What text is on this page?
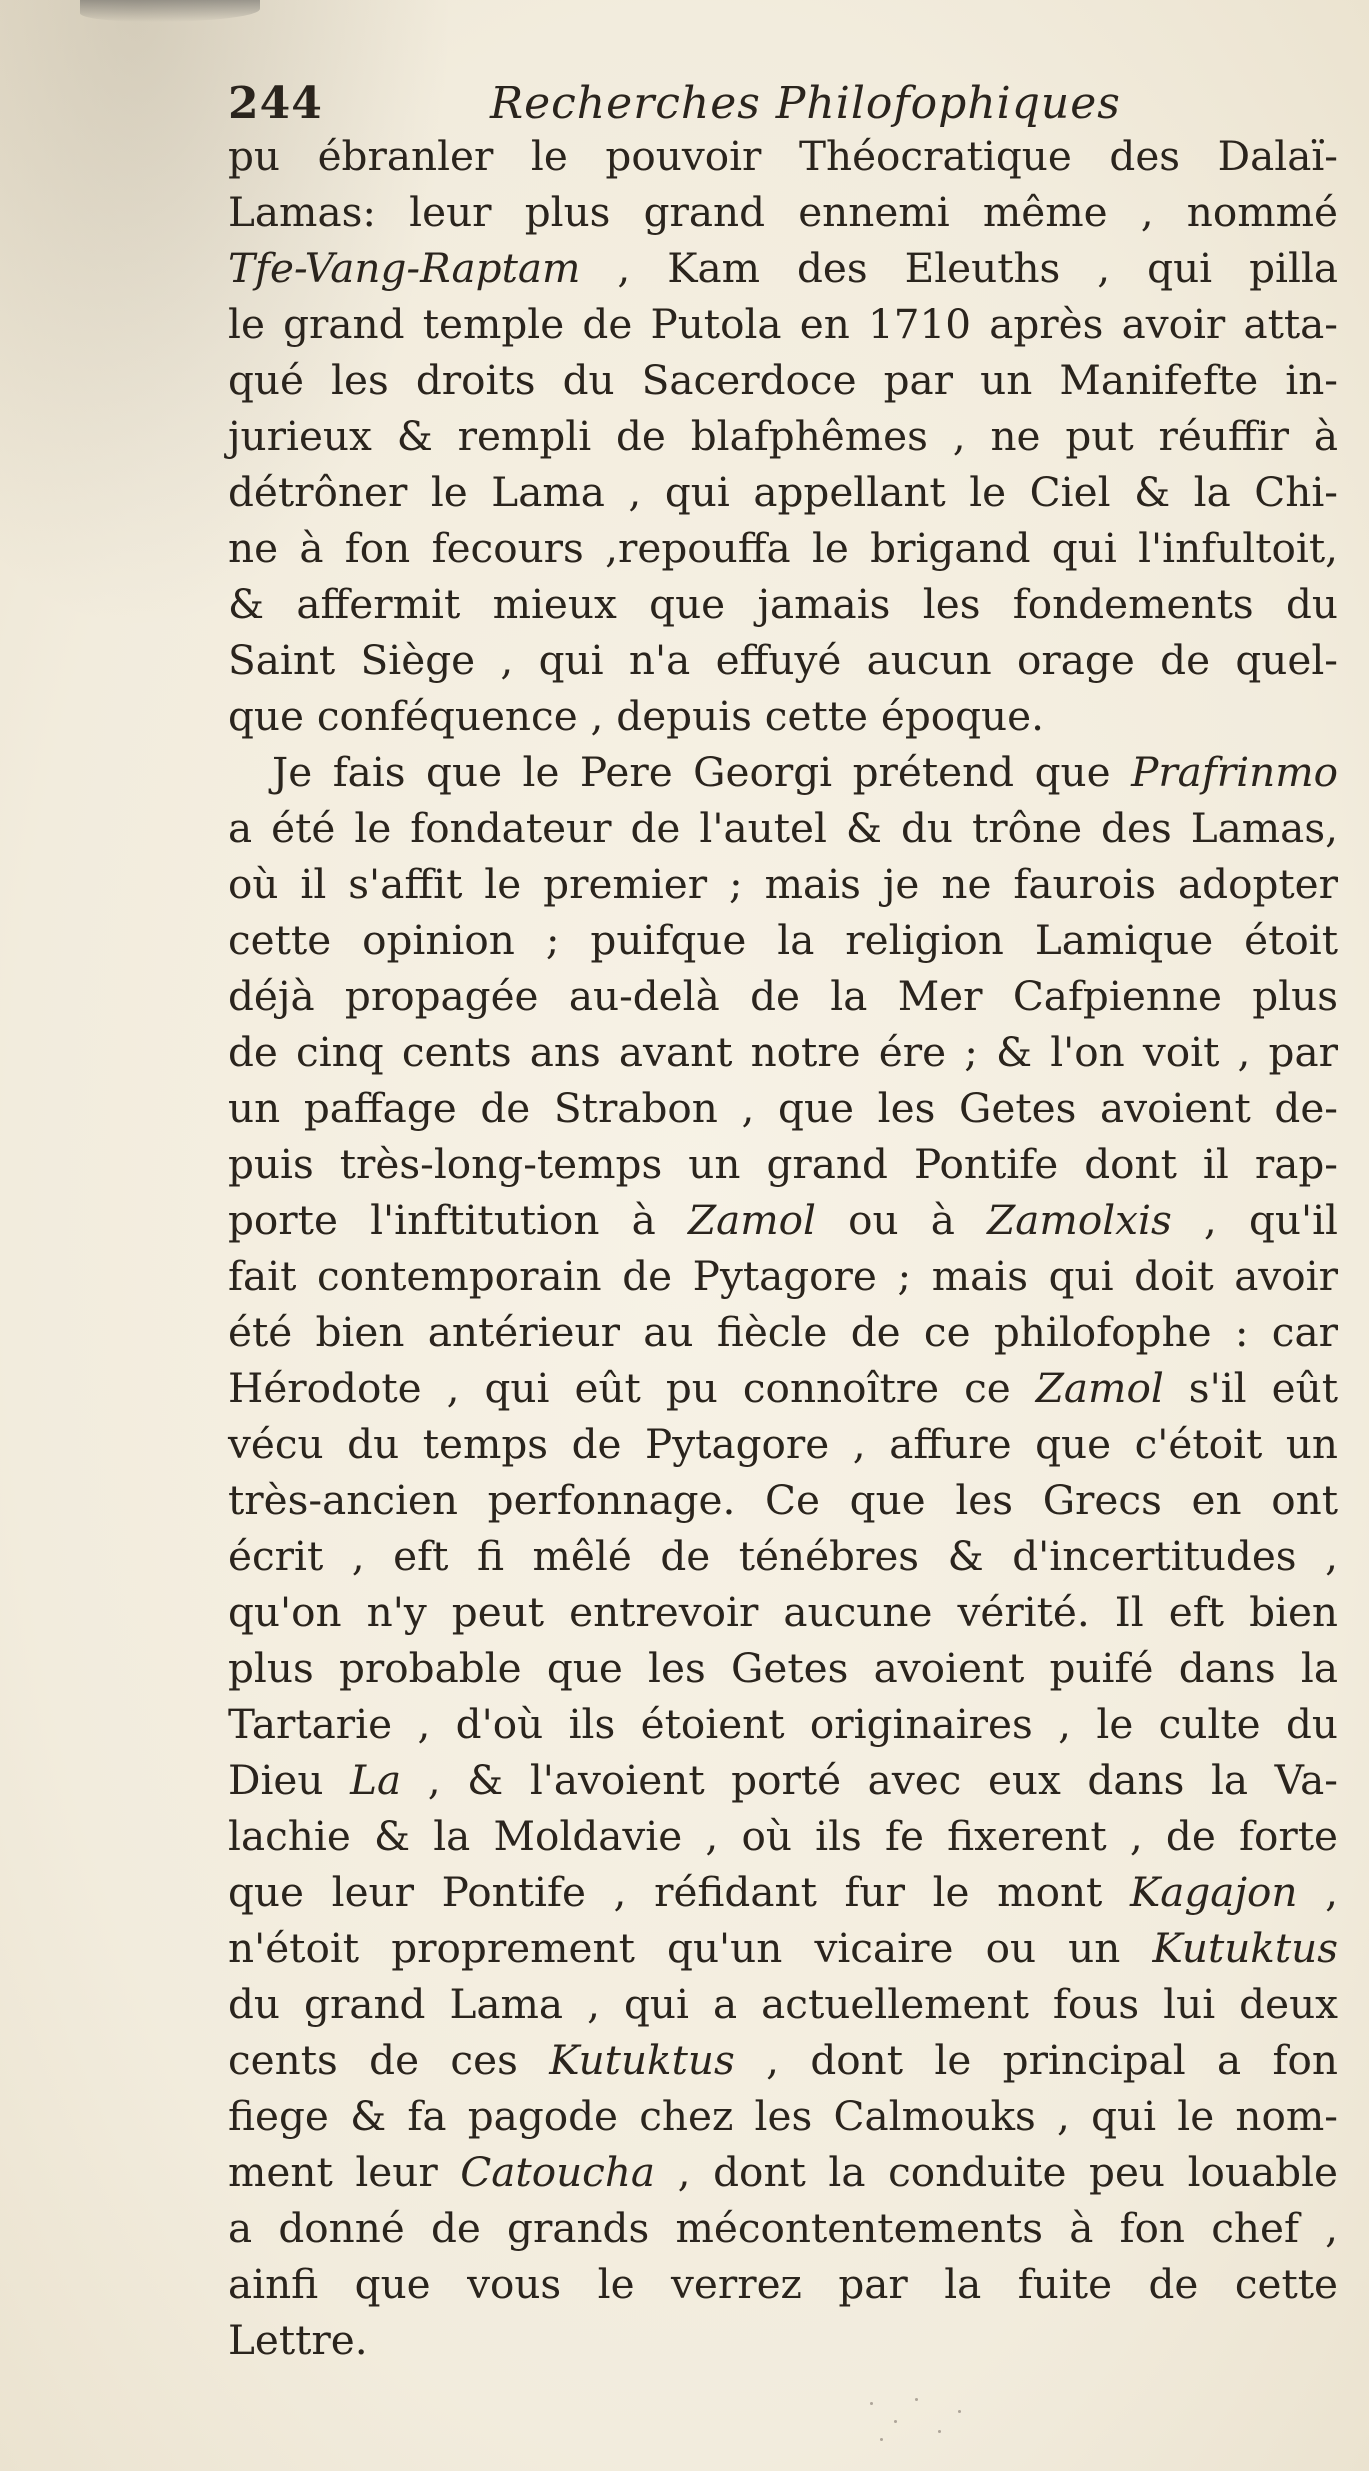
244	Recherches Philofophiques
pu ébranler le pouvoir Théocratique des Dalaï-
Lamas: leur plus grand ennemi même , nommé
Tfe-Vang-Raptam , Kam des Eleuths , qui pilla
le grand temple de Putola en 1710 après avoir atta-
qué les droits du Sacerdoce par un Manifefte in-
jurieux & rempli de blafphêmes , ne put réuffir à
détrôner le Lama , qui appellant le Ciel & la Chi-
ne à fon fecours ,repouffa le brigand qui l'infultoit,
& affermit mieux que jamais les fondements du
Saint Siège , qui n'a effuyé aucun orage de quel-
que conféquence , depuis cette époque.
Je fais que le Pere Georgi prétend que Prafrinmo
a été le fondateur de l'autel & du trône des Lamas,
où il s'affit le premier ; mais je ne faurois adopter
cette opinion ; puifque la religion Lamique étoit
déjà propagée au-delà de la Mer Cafpienne plus
de cinq cents ans avant notre ére ; & l'on voit , par
un paffage de Strabon , que les Getes avoient de-
puis très-long-temps un grand Pontife dont il rap-
porte l'inftitution à Zamol ou à Zamolxis , qu'il
fait contemporain de Pytagore ; mais qui doit avoir
été bien antérieur au fiècle de ce philofophe : car
Hérodote , qui eût pu connoître ce Zamol s'il eût
vécu du temps de Pytagore , affure que c'étoit un
très-ancien perfonnage. Ce que les Grecs en ont
écrit , eft fi mêlé de ténébres & d'incertitudes ,
qu'on n'y peut entrevoir aucune vérité. Il eft bien
plus probable que les Getes avoient puifé dans la
Tartarie , d'où ils étoient originaires , le culte du
Dieu La , & l'avoient porté avec eux dans la Va-
lachie & la Moldavie , où ils fe fixerent , de forte
que leur Pontife , réfidant fur le mont Kagajon ,
n'étoit proprement qu'un vicaire ou un Kutuktus
du grand Lama , qui a actuellement fous lui deux
cents de ces Kutuktus , dont le principal a fon
fiege & fa pagode chez les Calmouks , qui le nom-
ment leur Catoucha , dont la conduite peu louable
a donné de grands mécontentements à fon chef ,
ainfi que vous le verrez par la fuite de cette
Lettre.
